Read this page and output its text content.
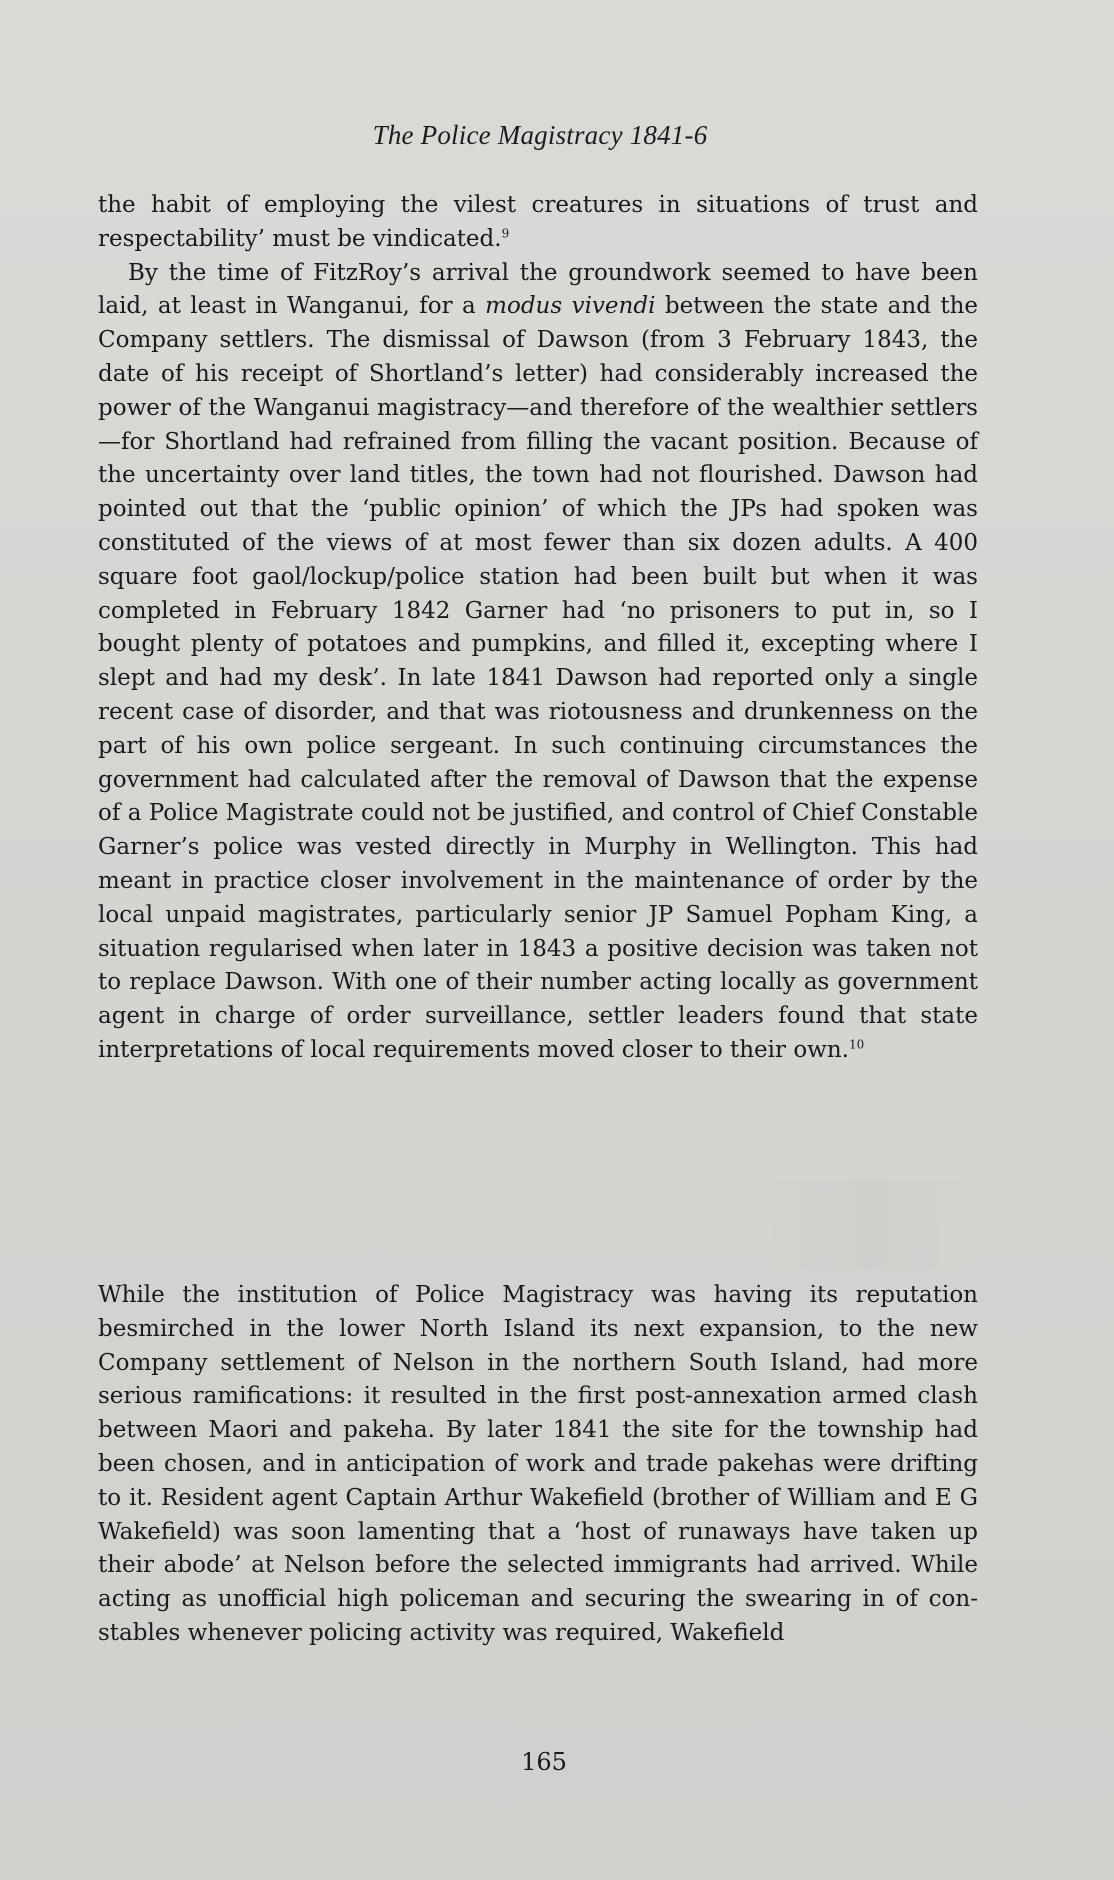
The Police Magistracy 1841-6

the habit of employing the vilest creatures in situations of trust and respectability’ must be vindicated.$^9$

By the time of FitzRoy’s arrival the groundwork seemed to have been laid, at least in Wanganui, for a modus vivendi between the state and the Company settlers. The dismissal of Dawson (from 3 February 1843, the date of his receipt of Shortland’s letter) had considerably increased the power of the Wanganui magistracy—and therefore of the wealthier settlers—for Shortland had refrained from filling the vacant position. Because of the uncertainty over land titles, the town had not flourished. Dawson had pointed out that the ‘public opinion’ of which the JPs had spoken was constituted of the views of at most fewer than six dozen adults. A 400 square foot gaol/lockup/police station had been built but when it was completed in February 1842 Garner had ‘no prisoners to put in, so I bought plenty of potatoes and pumpkins, and filled it, excepting where I slept and had my desk’. In late 1841 Dawson had reported only a single recent case of disorder, and that was riotousness and drunkenness on the part of his own police sergeant. In such continuing circumstances the government had calculated after the removal of Dawson that the expense of a Police Magistrate could not be justified, and control of Chief Constable Garner’s police was vested directly in Murphy in Wellington. This had meant in practice closer involvement in the maintenance of order by the local unpaid magistrates, particularly senior JP Samuel Popham King, a situation regularised when later in 1843 a positive decision was taken not to replace Dawson. With one of their number acting locally as government agent in charge of order surveillance, settler leaders found that state interpretations of local requirements moved closer to their own.$^{10}$

While the institution of Police Magistracy was having its reputation besmirched in the lower North Island its next expansion, to the new Company settlement of Nelson in the northern South Island, had more serious ramifications: it resulted in the first post-annexation armed clash between Maori and pakeha. By later 1841 the site for the township had been chosen, and in anticipation of work and trade pakehas were drifting to it. Resident agent Captain Arthur Wakefield (brother of William and E G Wakefield) was soon lamenting that a ‘host of runaways have taken up their abode’ at Nelson before the selected immigrants had arrived. While acting as unofficial high policeman and securing the swearing in of constables whenever policing activity was required, Wakefield

165
